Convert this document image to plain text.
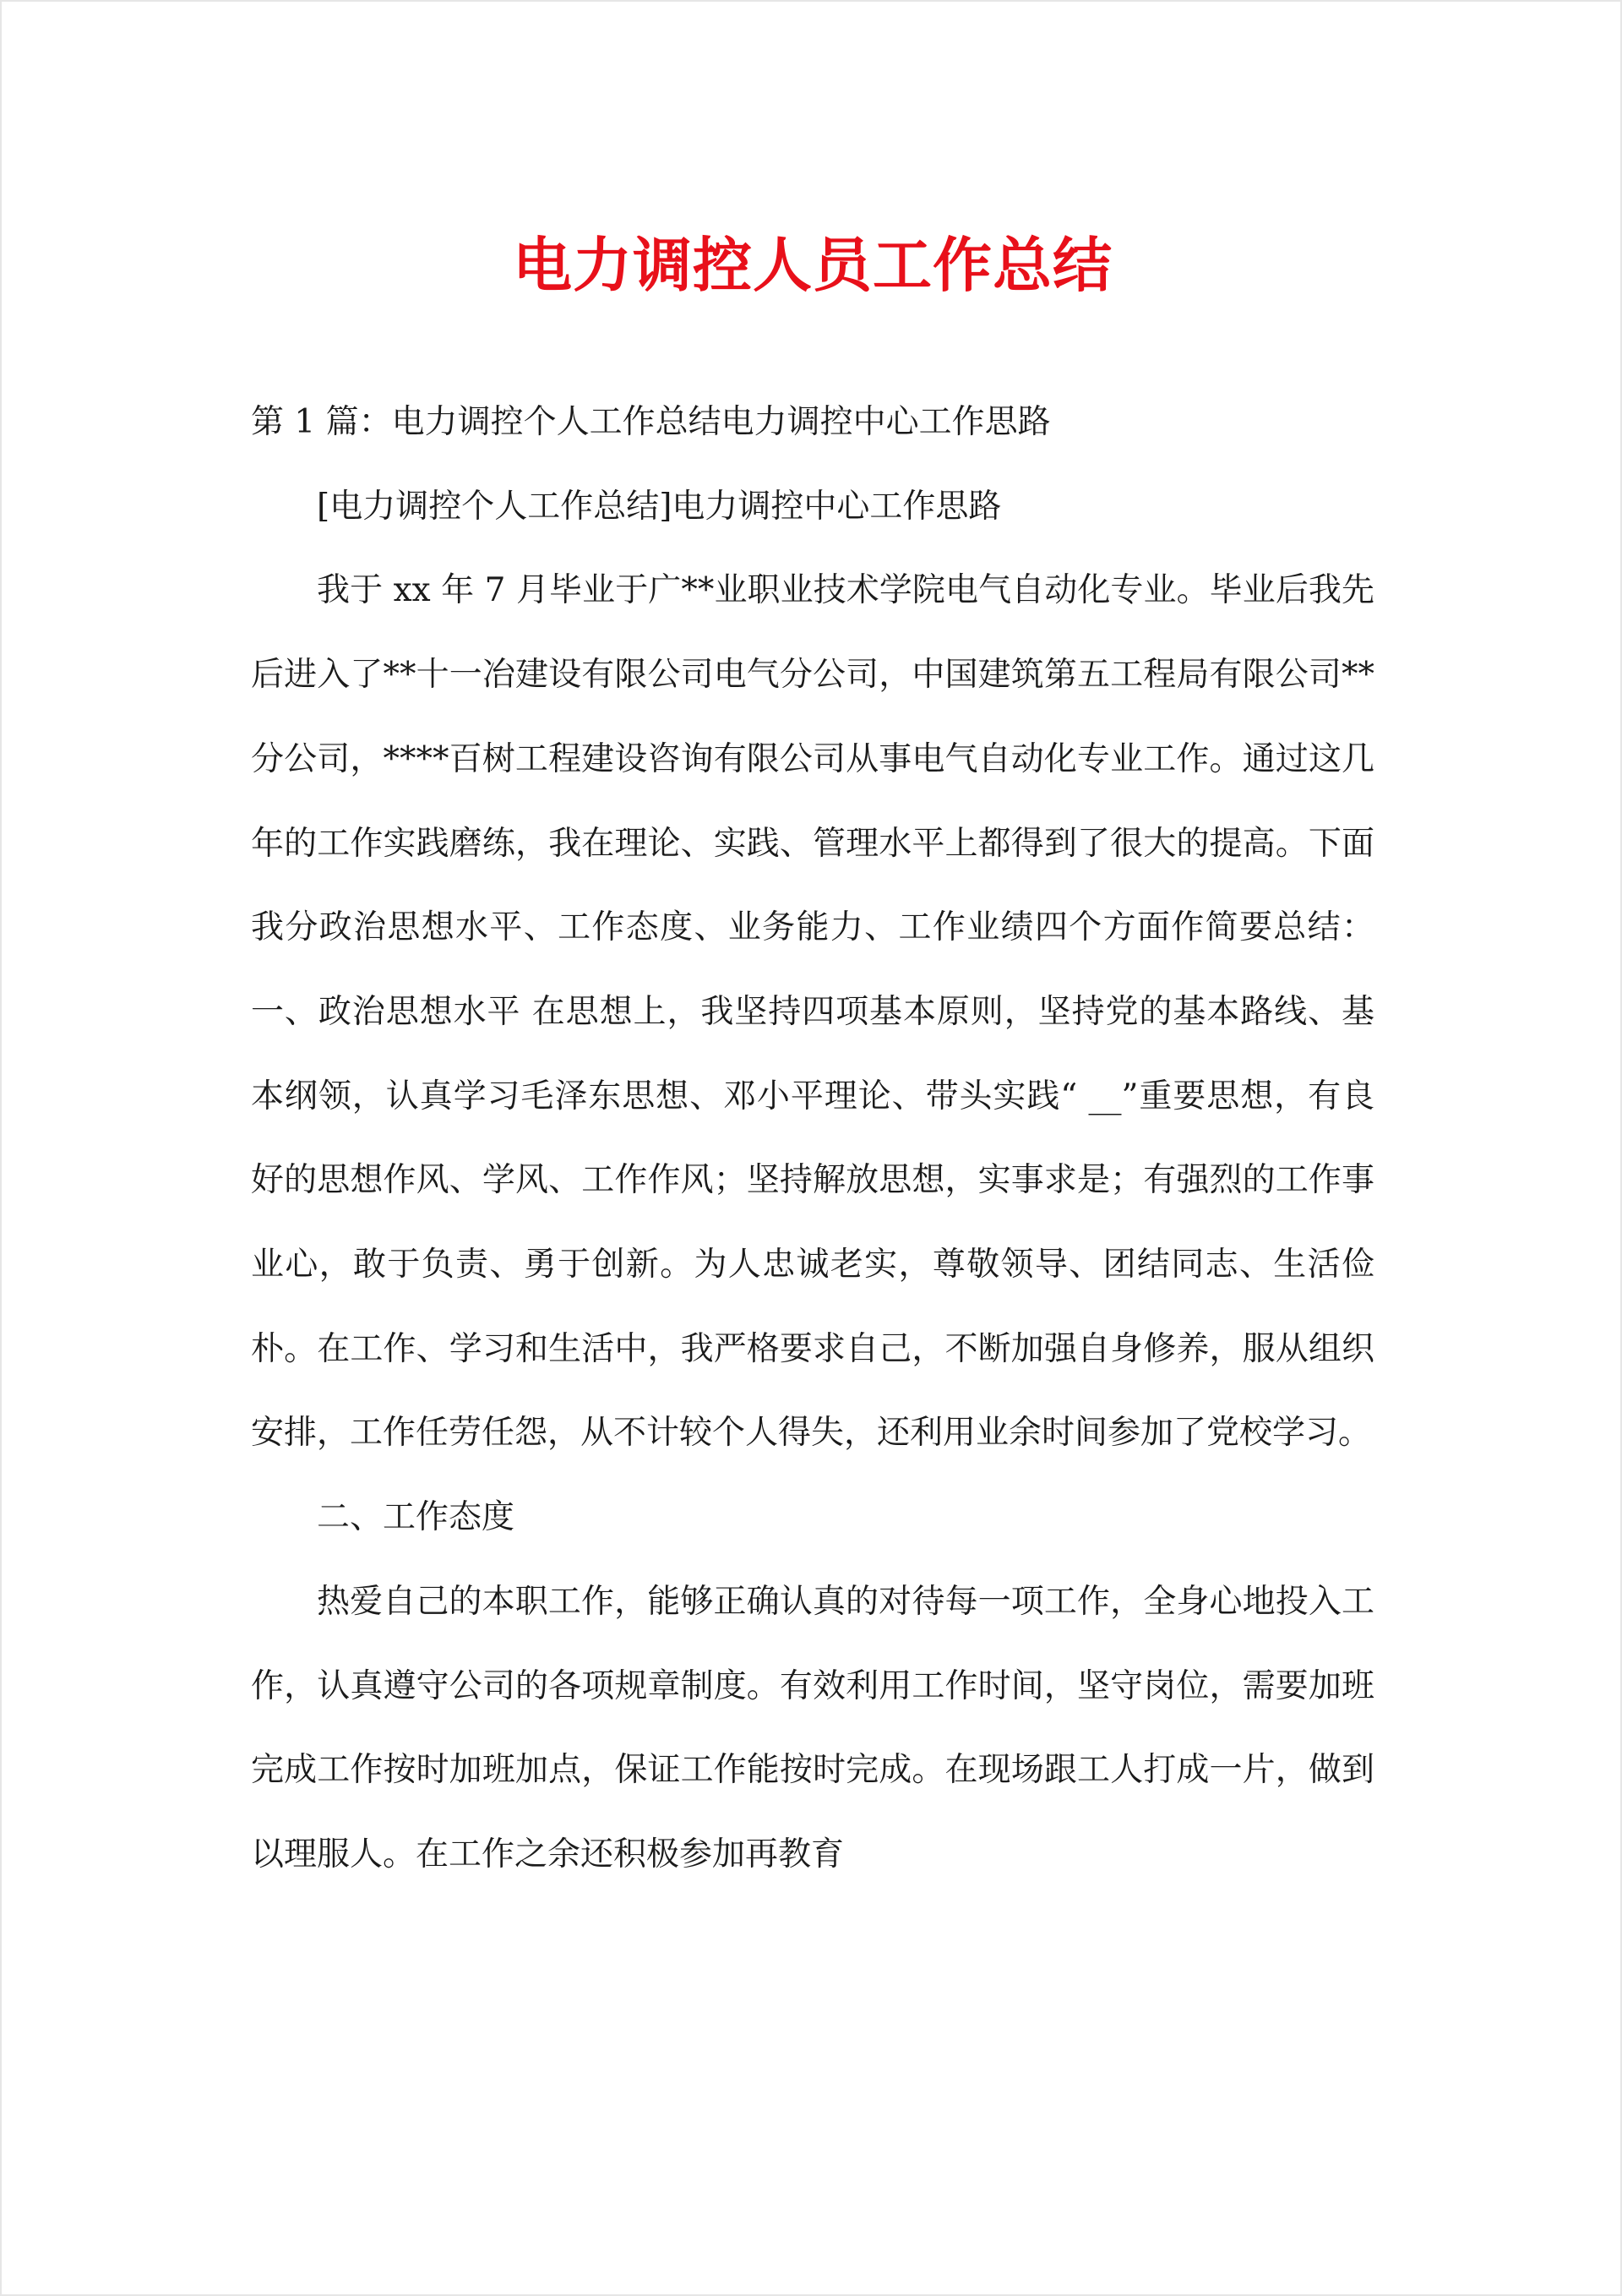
电力调控人员工作总结

第 1 篇：电力调控个人工作总结电力调控中心工作思路

[电力调控个人工作总结]电力调控中心工作思路

我于 xx 年 7 月毕业于广**业职业技术学院电气自动化专业。毕业后我先后进入了**十一冶建设有限公司电气分公司，中国建筑第五工程局有限公司**分公司，****百树工程建设咨询有限公司从事电气自动化专业工作。通过这几年的工作实践磨练，我在理论、实践、管理水平上都得到了很大的提高。下面我分政治思想水平、工作态度、业务能力、工作业绩四个方面作简要总结： 一、政治思想水平 在思想上，我坚持四项基本原则，坚持党的基本路线、基本纲领，认真学习毛泽东思想、邓小平理论、带头实践“ __”重要思想，有良好的思想作风、学风、工作作风；坚持解放思想，实事求是；有强烈的工作事业心，敢于负责、勇于创新。为人忠诚老实，尊敬领导、团结同志、生活俭朴。在工作、学习和生活中，我严格要求自己，不断加强自身修养，服从组织安排，工作任劳任怨，从不计较个人得失，还利用业余时间参加了党校学习。

二、工作态度

热爱自己的本职工作，能够正确认真的对待每一项工作，全身心地投入工作，认真遵守公司的各项规章制度。有效利用工作时间，坚守岗位，需要加班完成工作按时加班加点，保证工作能按时完成。在现场跟工人打成一片，做到以理服人。在工作之余还积极参加再教育
